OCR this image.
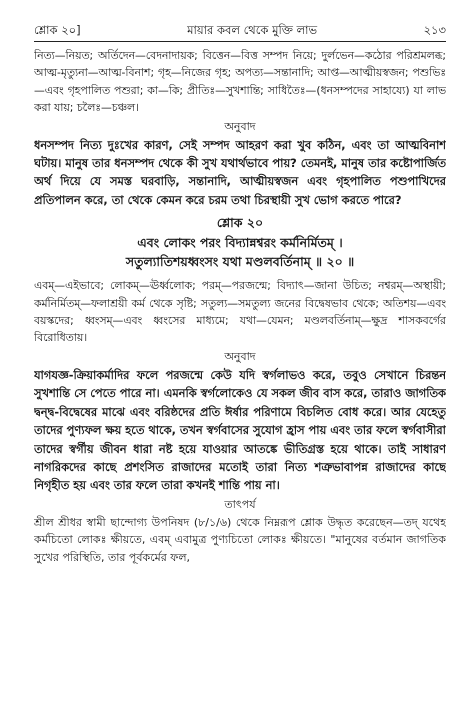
শ্লোক ২০]	মায়ার কবল থেকে মুক্তি লাভ	২১৩

নিত্য—নিয়ত; অর্তিদেন—বেদনাদায়ক; বিত্তেন—বিত্ত সম্পদ নিয়ে; দুর্লভেন—কঠোর পরিশ্রমলব্ধ; আত্ম-মৃত্যুনা—আত্ম-বিনাশ; গৃহ—নিজের গৃহ; অপত্য—সন্তানাদি; আপ্ত—আত্মীয়স্বজন; পশুভিঃ—এবং গৃহপালিত পশুরা; কা—কি; প্রীতিঃ—সুখশান্তি; সাধিতৈঃ—(ধনসম্পদের সাহায্যে) যা লাভ করা যায়; চলৈঃ—চঞ্চল।

অনুবাদ

ধনসম্পদ নিত্য দুঃখের কারণ, সেই সম্পদ আহরণ করা খুব কঠিন, এবং তা আত্মবিনাশ ঘটায়। মানুষ তার ধনসম্পদ থেকে কী সুখ যথার্থভাবে পায়? তেমনই, মানুষ তার কষ্টোপার্জিত অর্থ দিয়ে যে সমস্ত ঘরবাড়ি, সন্তানাদি, আত্মীয়স্বজন এবং গৃহপালিত পশুপাখিদের প্রতিপালন করে, তা থেকে কেমন করে চরম তথা চিরস্থায়ী সুখ ভোগ করতে পারে?

শ্লোক ২০
এবং লোকং পরং বিদ্যান্নশ্বরং কর্মনির্মিতম্ ।
সতুল্যাতিশয়ধ্বংসং যথা মণ্ডলবর্তিনাম্ ॥ ২০ ॥

এবম্—এইভাবে; লোকম্—ঊর্ধ্বলোক; পরম্—পরজন্মে; বিদ্যাৎ—জানা উচিত; নশ্বরম্—অস্থায়ী; কর্মনির্মিতম্—ফলাশ্রয়ী কর্ম থেকে সৃষ্টি; সতুল্য—সমতুল্য জনের বিদ্বেষভাব থেকে; অতিশয়—এবং বয়স্কদের; ধ্বংসম্—এবং ধ্বংসের মাধ্যমে; যথা—যেমন; মণ্ডলবর্তিনাম্—ক্ষুদ্র শাসকবর্গের বিরোধিতায়।

অনুবাদ

যাগযজ্ঞ-ক্রিয়াকর্মাদির ফলে পরজন্মে কেউ যদি স্বর্গলাভও করে, তবুও সেখানে চিরন্তন সুখশান্তি সে পেতে পারে না। এমনকি স্বর্গলোকেও যে সকল জীব বাস করে, তারাও জাগতিক দ্বন্দ্ব-বিদ্বেষের মাঝে এবং বরিষ্ঠদের প্রতি ঈর্ষার পরিণামে বিচলিত বোধ করে। আর যেহেতু তাদের পুণ্যফল ক্ষয় হতে থাকে, তখন স্বর্গবাসের সুযোগ হ্রাস পায় এবং তার ফলে স্বর্গবাসীরা তাদের স্বর্গীয় জীবন ধারা নষ্ট হয়ে যাওয়ার আতঙ্কে ভীতিগ্রস্ত হয়ে থাকে। তাই সাধারণ নাগরিকদের কাছে প্রশংসিত রাজাদের মতোই তারা নিত্য শত্রুভাবাপন্ন রাজাদের কাছে নিগৃহীত হয় এবং তার ফলে তারা কখনই শান্তি পায় না।

তাৎপর্য

শ্রীল শ্রীধর স্বামী ছান্দোগ্য উপনিষদ (৮/১/৬) থেকে নিম্নরূপ শ্লোক উদ্ধৃত করেছেন—তদ্ যথেহ কর্মচিতো লোকঃ ক্ষীয়তে, এবম্ এবামুত্র পুণ্যচিতো লোকঃ ক্ষীয়তে। "মানুষের বর্তমান জাগতিক সুখের পরিস্থিতি, তার পূর্বকর্মের ফল,
